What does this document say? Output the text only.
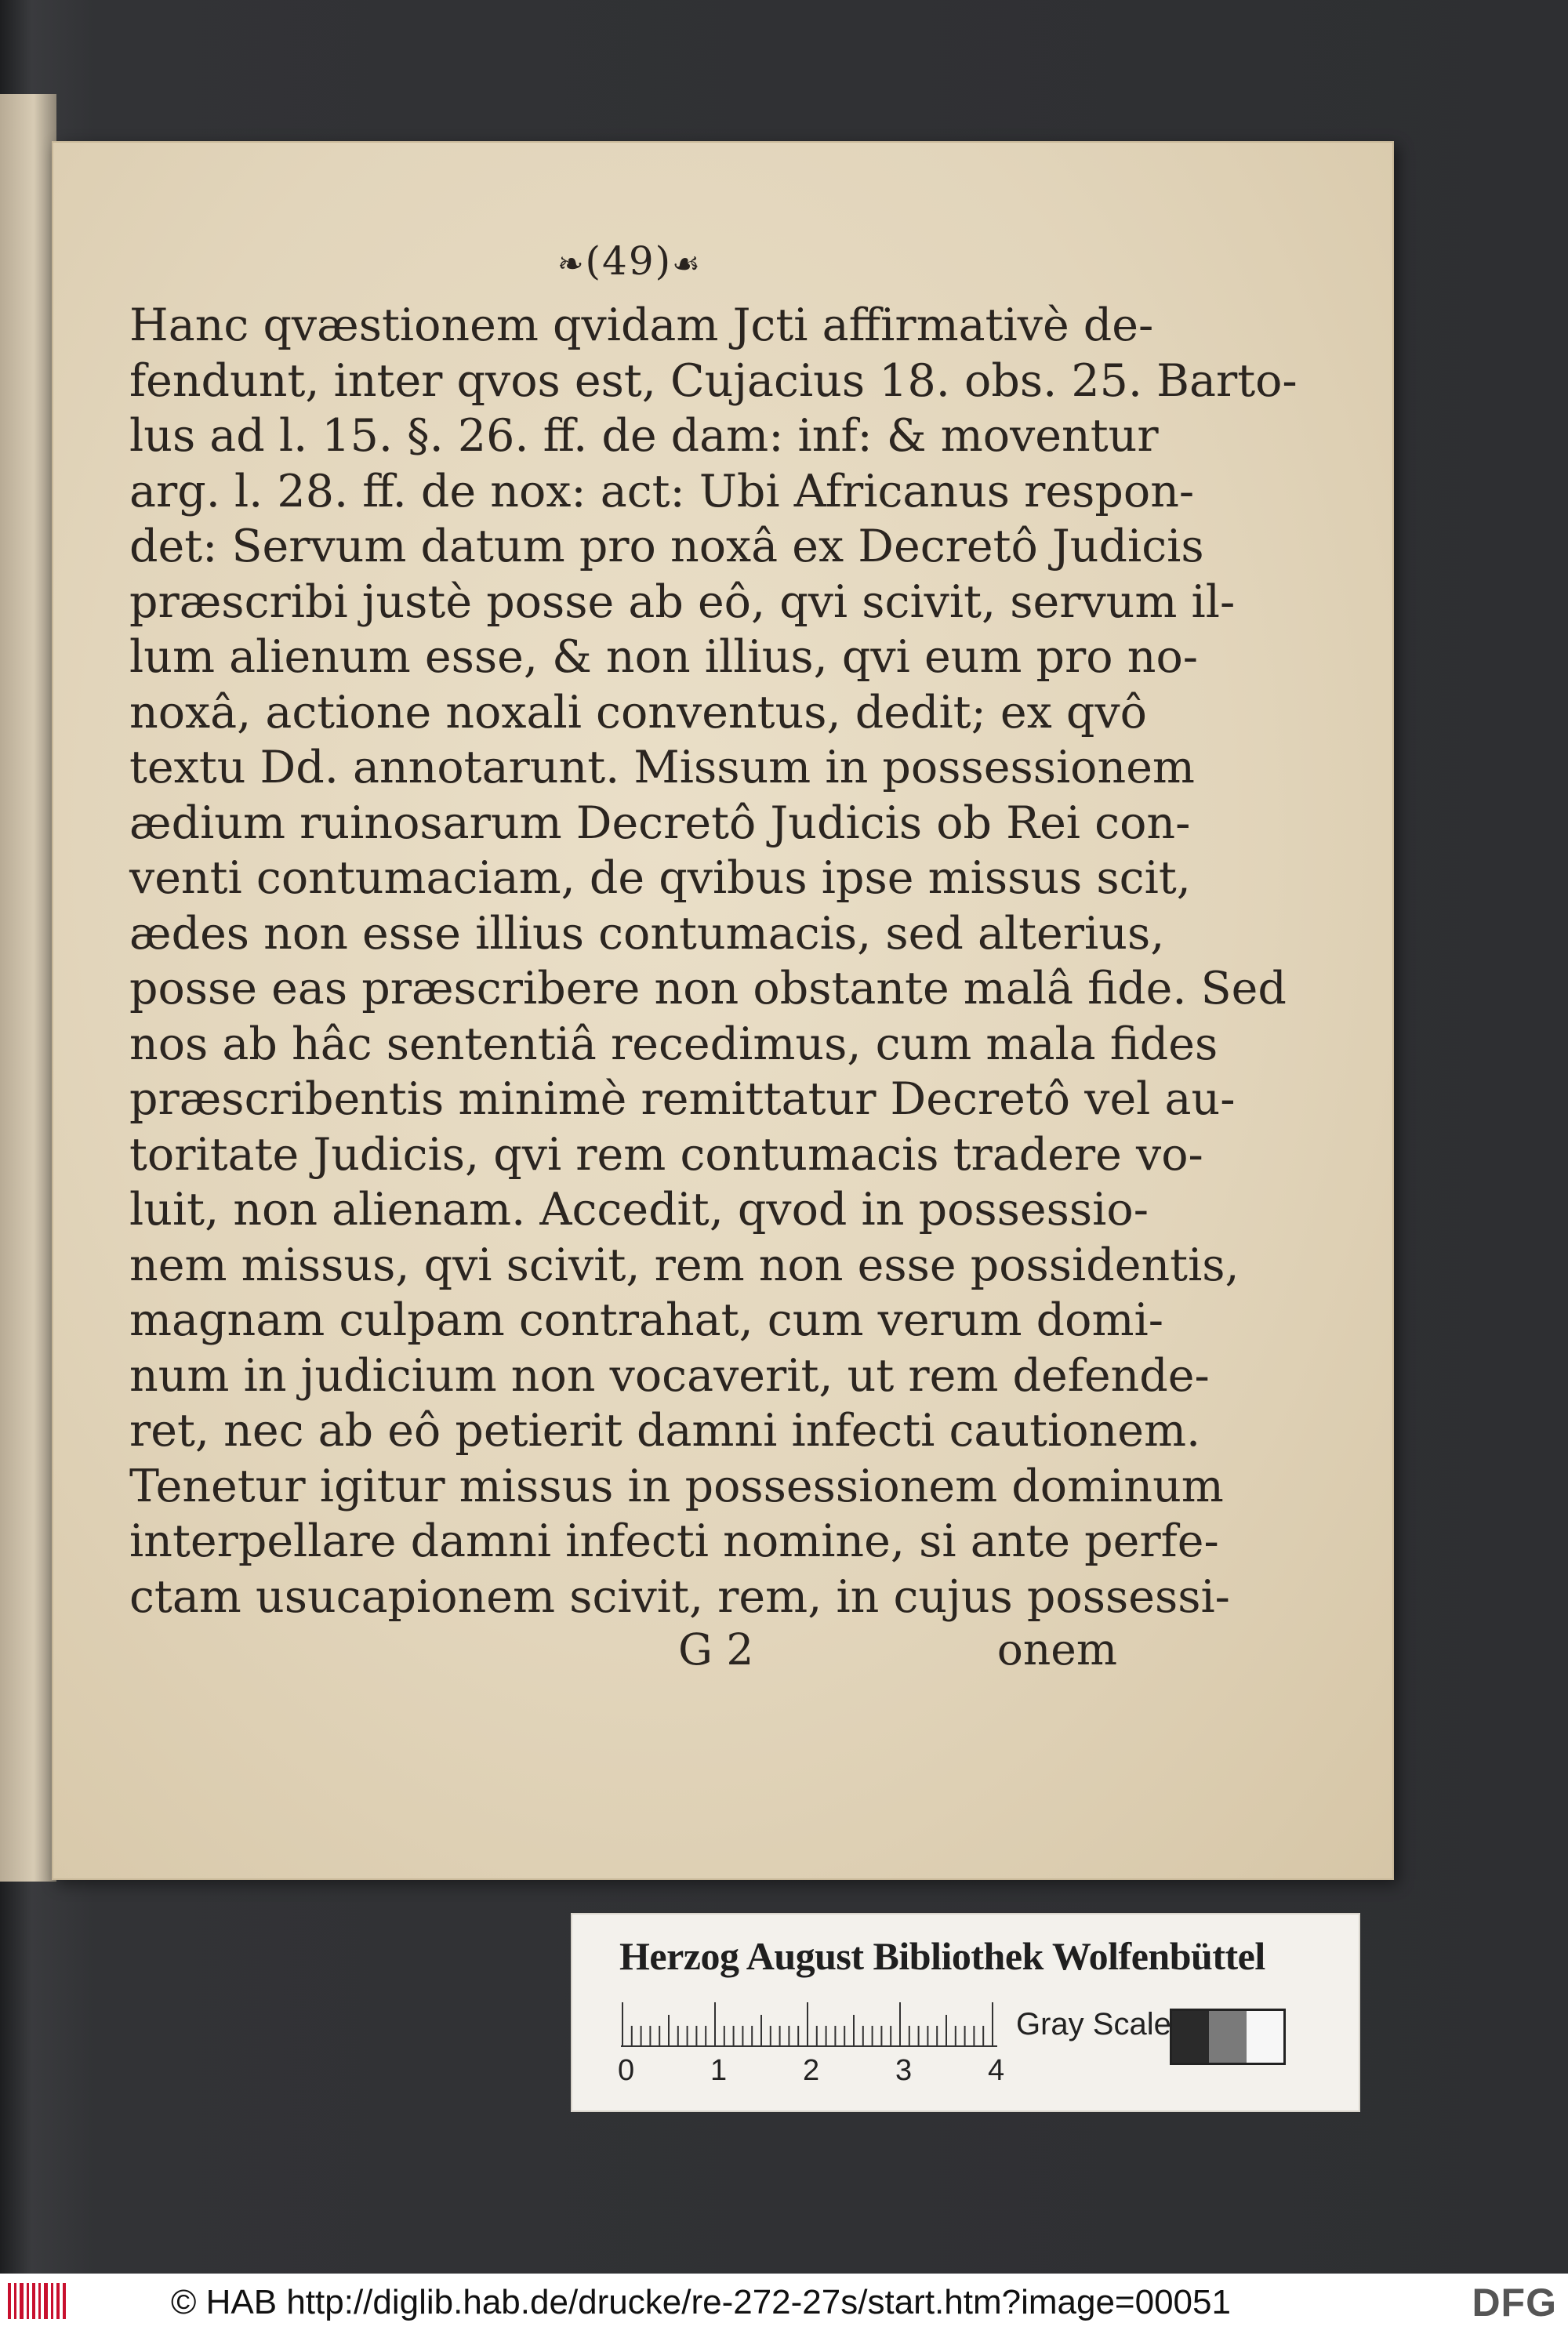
❧(49)☙
Hanc qvæstionem qvidam Jcti affirmativè de-
fendunt, inter qvos est, Cujacius 18. obs. 25. Barto-
lus ad l. 15. §. 26. ff. de dam: inf: & moventur
arg. l. 28. ff. de nox: act: Ubi Africanus respon-
det: Servum datum pro noxâ ex Decretô Judicis
præscribi justè posse ab eô, qvi scivit, servum il-
lum alienum esse, & non illius, qvi eum pro no-
noxâ, actione noxali conventus, dedit; ex qvô
textu Dd. annotarunt. Missum in possessionem
ædium ruinosarum Decretô Judicis ob Rei con-
venti contumaciam, de qvibus ipse missus scit,
ædes non esse illius contumacis, sed alterius,
posse eas præscribere non obstante malâ fide. Sed
nos ab hâc sententiâ recedimus, cum mala fides
præscribentis minimè remittatur Decretô vel au-
toritate Judicis, qvi rem contumacis tradere vo-
luit, non alienam. Accedit, qvod in possessio-
nem missus, qvi scivit, rem non esse possidentis,
magnam culpam contrahat, cum verum domi-
num in judicium non vocaverit, ut rem defende-
ret, nec ab eô petierit damni infecti cautionem.
Tenetur igitur missus in possessionem dominum
interpellare damni infecti nomine, si ante perfe-
ctam usucapionem scivit, rem, in cujus possessi-
G 2	onem
Herzog August Bibliothek Wolfenbüttel
0	1	2	3	4
Gray Scale
© HAB http://diglib.hab.de/drucke/re-272-27s/start.htm?image=00051	DFG
